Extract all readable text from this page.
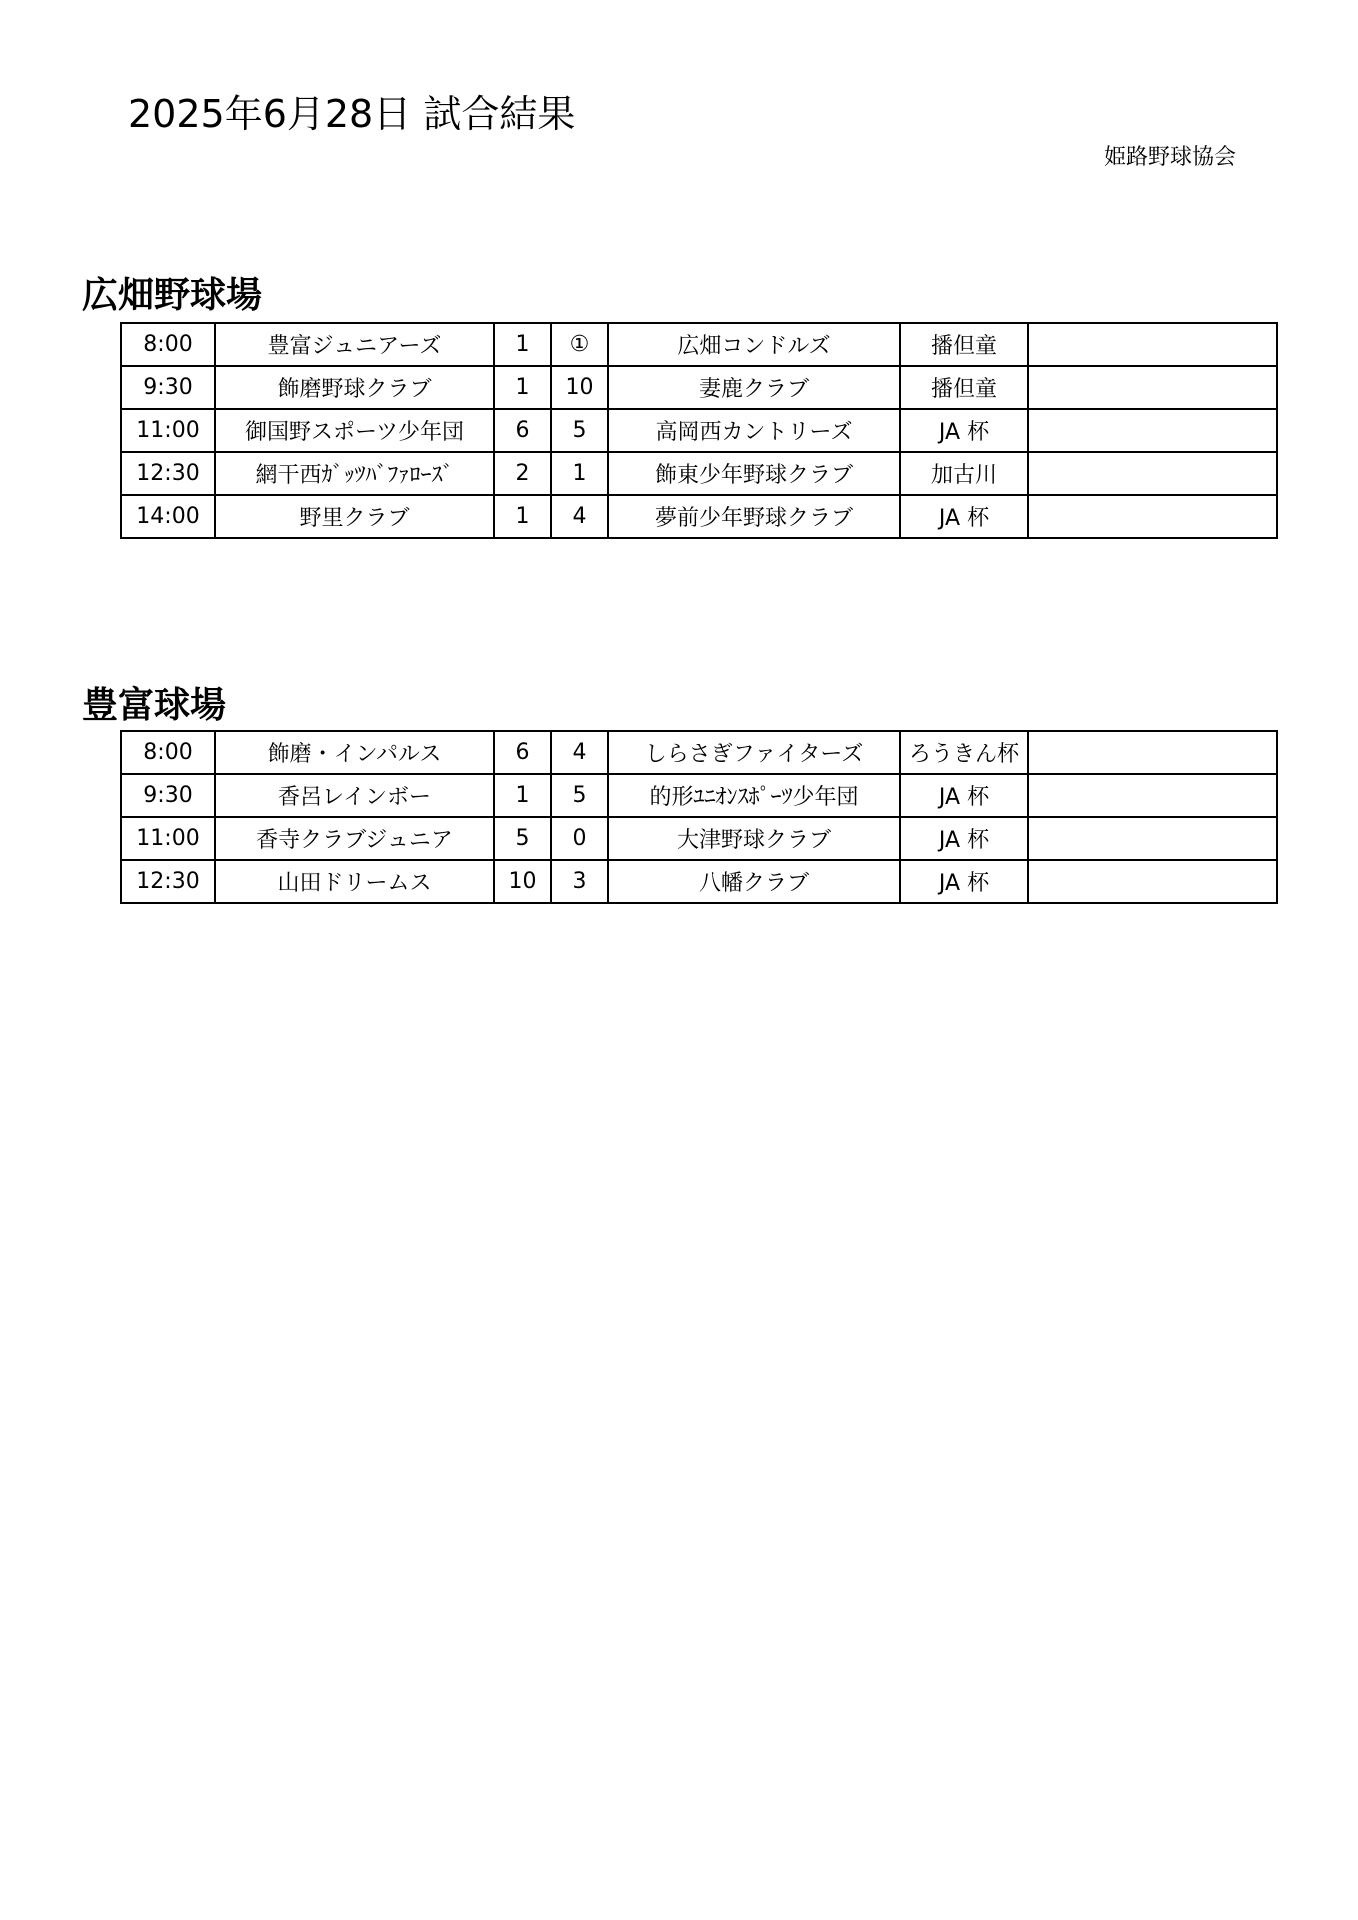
2025年6月28日 試合結果
姫路野球協会
広畑野球場
8:00	豊富ジュニアーズ	1	①	広畑コンドルズ	播但童	
9:30	飾磨野球クラブ	1	10	妻鹿クラブ	播但童	
11:00	御国野スポーツ少年団	6	5	高岡西カントリーズ	JA 杯	
12:30	網干西ｶﾞｯﾂﾊﾞﾌｧﾛｰｽﾞ	2	1	飾東少年野球クラブ	加古川	
14:00	野里クラブ	1	4	夢前少年野球クラブ	JA 杯	
豊富球場
8:00	飾磨・インパルス	6	4	しらさぎファイターズ	ろうきん杯	
9:30	香呂レインボー	1	5	的形ﾕﾆｵﾝｽﾎﾟｰﾂ少年団	JA 杯	
11:00	香寺クラブジュニア	5	0	大津野球クラブ	JA 杯	
12:30	山田ドリームス	10	3	八幡クラブ	JA 杯	
